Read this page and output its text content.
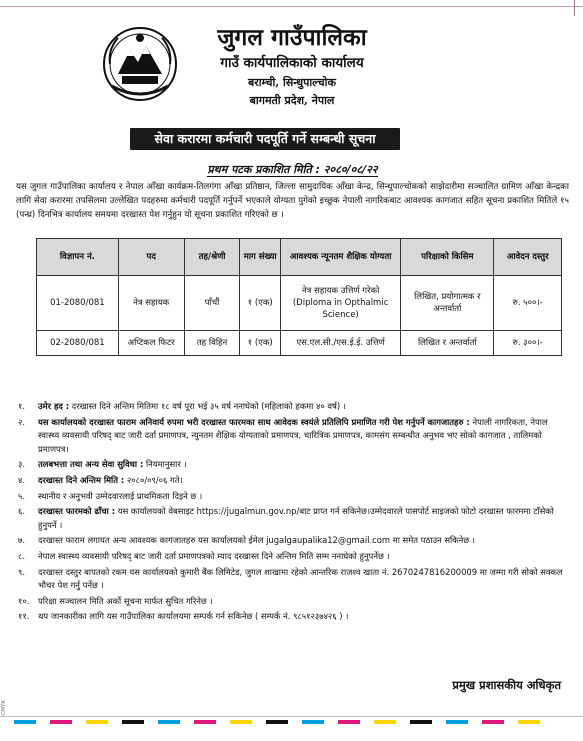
जुगल गाउँपालिका
गाउँ कार्यपालिकाको कार्यालय
बराम्ची, सिन्धुपाल्चोक
बागमती प्रदेश, नेपाल
सेवा करारमा कर्मचारी पदपूर्ति गर्ने सम्बन्धी सूचना
प्रथम पटक प्रकाशित मिति : २०८०/०८/२२
यस जुगल गाउँपालिका कार्यालय र नेपाल आँखा कार्यक्रम-तिलगंगा आँखा प्रतिष्ठान, जिल्ला सामुदायिक आँखा केन्द्र, सिन्धुपाल्चोकको साझेदारीमा सञ्चालित ग्रामिण आँखा केन्द्रका लागि सेवा करारमा तपसिलमा उल्लेखित पदहरुमा कर्मचारी पदपूर्ति गर्नुपर्ने भएकाले योग्यता पुगेको इच्छुक नेपाली नागरिकबाट आवश्यक कागजात सहित सूचना प्रकाशित मितिले १५ (पन्ध्र) दिनभित्र कार्यालय समयमा दरखास्त पेश गर्नुहुन यो सूचना प्रकाशित गरिएको छ ।
विज्ञापन नं.	पद	तह/श्रेणी	माग संख्या	आवश्यक न्यूनतम शैक्षिक योग्यता	परिक्षाको किसिम	आवेदन दस्तुर
01-2080/081	नेत्र सहायक	पाँचौं	१ (एक)	नेत्र सहायक उत्तिर्ण गरेको (Diploma in Opthalmic Science)	लिखित, प्रयोगात्मक र अन्तर्वार्ता	रु. ५००।-
02-2080/081	अप्टिकल फिटर	तह विहिन	१ (एक)	एस.एल.सी./एस.ई.ई. उत्तिर्ण	लिखित र अन्तर्वार्ता	रु. ३००।-
१. उमेर हद : दरखास्त दिने अन्तिम मितिमा १८ वर्ष पूरा भई ३५ वर्ष ननाघेको (महिलाको हकमा ४० वर्ष) ।
२. यस कार्यालयको दरखास्त फाराम अनिवार्य रुपमा भरी दरखास्त फारमका साथ आवेदक स्वयंले प्रतिलिपि प्रमाणित गरी पेश गर्नुपर्ने कागजातहरु : नेपाली नागरिकता, नेपाल स्वास्थ्य व्यवसायी परिषद् बाट जारी दर्ता प्रमाणपत्र, न्युनतम शैक्षिक योग्यताको प्रमाणपत्र, चारित्रिक प्रमाणपत्र, कामसंग सम्बन्धीत अनुभव भए सोको कागजात , तालिमको प्रमाणपत्र।
३. तलबभत्ता तथा अन्य सेवा सुविधा : नियमानुसार ।
४. दरखास्त दिने अन्तिम मिति : २०८०/०९/०६ गते।
५. स्थानीय र अनुभवी उम्मेदवारलाई प्राथमिकता दिइने छ ।
६. दरखास्त फारमको ढाँचा : यस कार्यालयको वेबसाइट https://jugalmun.gov.np/बाट प्राप्त गर्न सकिनेछ।उम्मेदवारले पासपोर्ट साइजको फोटो दरखास्त फारममा टाँसेको हुनुपर्ने ।
७. दरखास्त फाराम लगायत अन्य आवश्यक कागजातहरु यस कार्यालयको ईमेल jugalgaupalika12@gmail.com मा समेत पठाउन सकिनेछ ।
८. नेपाल स्वास्थ्य व्यवसायी परिषद् बाट जारी दर्ता प्रमाणपत्रको म्याद दरखास्त दिने अन्तिम मिति सम्म ननाघेको हुनुपर्नेछ ।
९. दरखास्त दस्तुर बापतको रकम यस कार्यालयको कुमारी बैंक लिमिटेड, जुगल शाखामा रहेको आन्तरिक राजश्व खाता नं. 2670247816200009 मा जम्मा गरी सोको सक्कल भौचर पेश गर्नु पर्नेछ ।
१०. परिक्षा सञ्चालन मिति अर्को सूचना मार्फत सुचित गरिनेछ ।
११. थप जानकारीका लागि यस गाउँपालिका कार्यालयमा सम्पर्क गर्न सकिनेछ ( सम्पर्क नं. ९८५१२३७४२६ ) ।
प्रमुख प्रशासकीय अधिकृत
CMYK
